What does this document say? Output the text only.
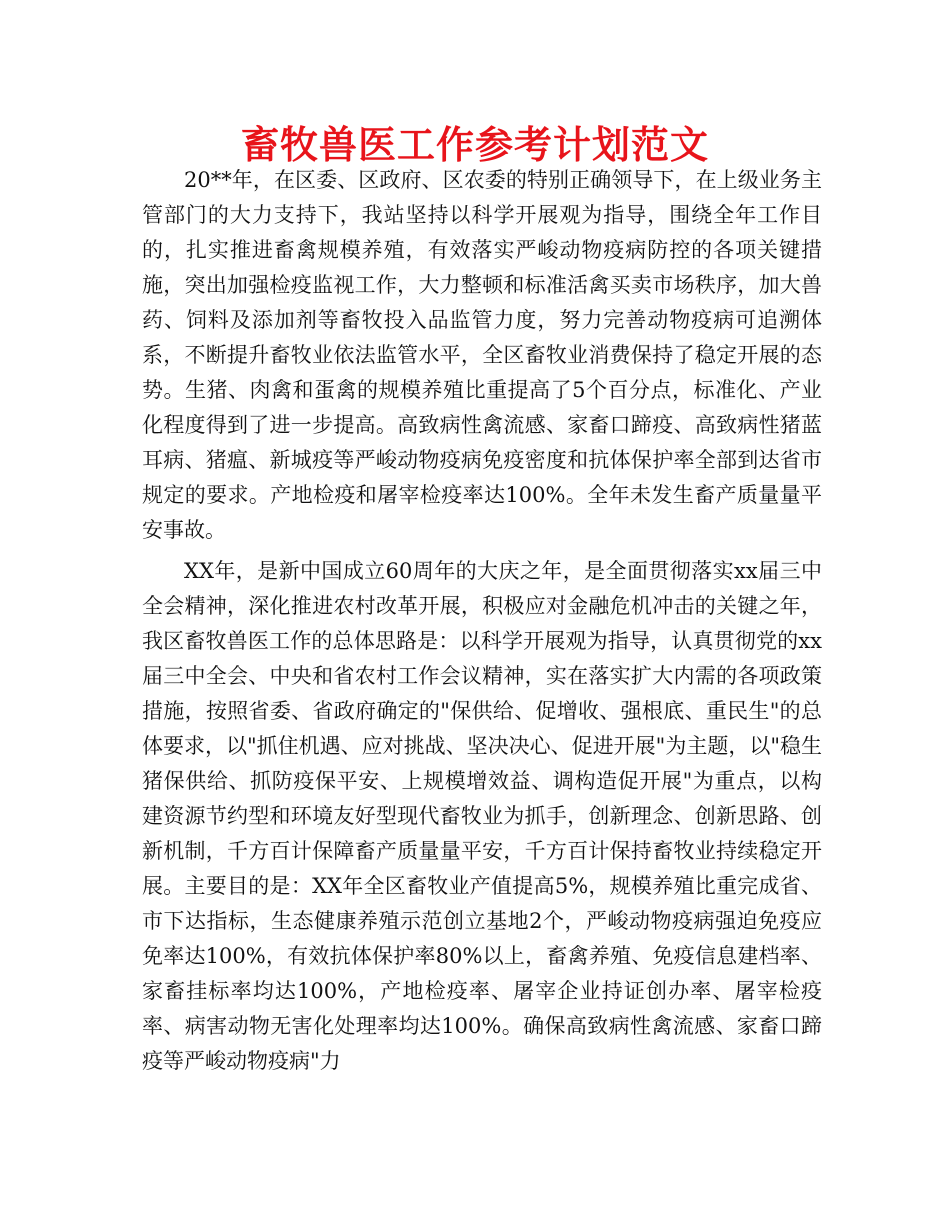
畜牧兽医工作参考计划范文

20**年，在区委、区政府、区农委的特别正确领导下，在上级业务主管部门的大力支持下，我站坚持以科学开展观为指导，围绕全年工作目的，扎实推进畜禽规模养殖，有效落实严峻动物疫病防控的各项关键措施，突出加强检疫监视工作，大力整顿和标准活禽买卖市场秩序，加大兽药、饲料及添加剂等畜牧投入品监管力度，努力完善动物疫病可追溯体系，不断提升畜牧业依法监管水平，全区畜牧业消费保持了稳定开展的态势。生猪、肉禽和蛋禽的规模养殖比重提高了5个百分点，标准化、产业化程度得到了进一步提高。高致病性禽流感、家畜口蹄疫、高致病性猪蓝耳病、猪瘟、新城疫等严峻动物疫病免疫密度和抗体保护率全部到达省市规定的要求。产地检疫和屠宰检疫率达100%。全年未发生畜产质量量平安事故。

XX年，是新中国成立60周年的大庆之年，是全面贯彻落实xx届三中全会精神，深化推进农村改革开展，积极应对金融危机冲击的关键之年，我区畜牧兽医工作的总体思路是：以科学开展观为指导，认真贯彻党的xx届三中全会、中央和省农村工作会议精神，实在落实扩大内需的各项政策措施，按照省委、省政府确定的"保供给、促增收、强根底、重民生"的总体要求，以"抓住机遇、应对挑战、坚决决心、促进开展"为主题，以"稳生猪保供给、抓防疫保平安、上规模增效益、调构造促开展"为重点，以构建资源节约型和环境友好型现代畜牧业为抓手，创新理念、创新思路、创新机制，千方百计保障畜产质量量平安，千方百计保持畜牧业持续稳定开展。主要目的是：XX年全区畜牧业产值提高5%，规模养殖比重完成省、市下达指标，生态健康养殖示范创立基地2个，严峻动物疫病强迫免疫应免率达100%，有效抗体保护率80%以上，畜禽养殖、免疫信息建档率、家畜挂标率均达100%，产地检疫率、屠宰企业持证创办率、屠宰检疫率、病害动物无害化处理率均达100%。确保高致病性禽流感、家畜口蹄疫等严峻动物疫病"力
